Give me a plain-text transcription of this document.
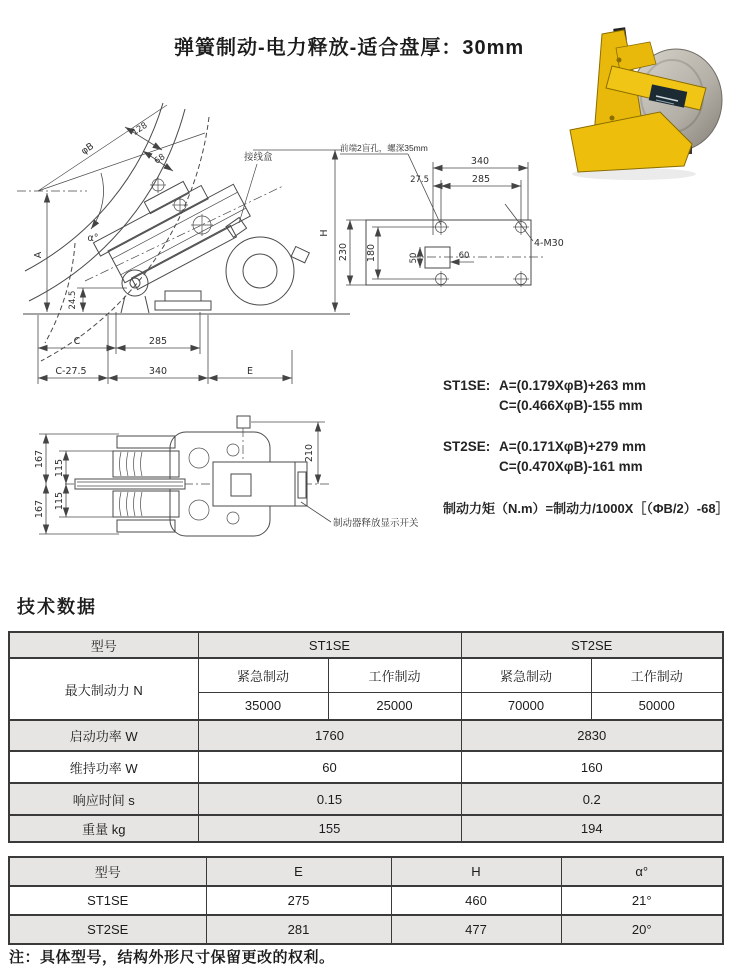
弹簧制动-电力释放-适合盘厚：30mm
接线盒
A
24.5
H
φB
128
68
α°
C	285
C-27.5	340	E
前端2盲孔，螺深35mm
340
27.5	285
230 180	50	60
4-M30
167 115
115
167
210
制动器释放显示开关
ST1SE: A=(0.179XφB)+263 mm
C=(0.466XφB)-155 mm
ST2SE: A=(0.171XφB)+279 mm
C=(0.470XφB)-161 mm
制动力矩（N.m）=制动力/1000X［（ΦB/2）-68］
技术数据
型号	ST1SE		ST2SE	
最大制动力 N	紧急制动	工作制动	紧急制动	工作制动
	35000	25000	70000	50000
启动功率 W	1760		2830	
维持功率 W	60		160	
响应时间 s	0.15		0.2	
重量 kg	155		194	
型号	E	H	α°
ST1SE	275	460	21°
ST2SE	281	477	20°
注：具体型号，结构外形尺寸保留更改的权利。
